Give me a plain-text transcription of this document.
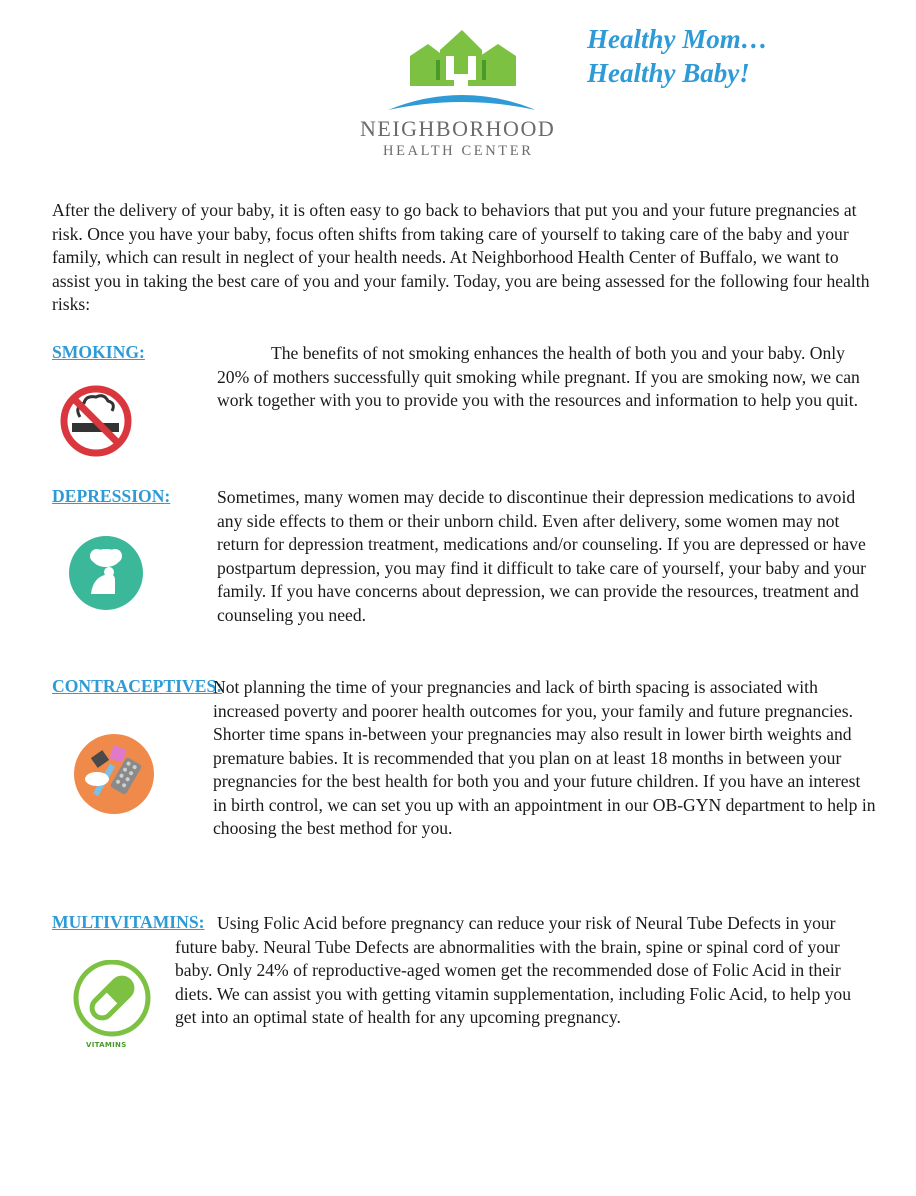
NEIGHBORHOOD
HEALTH CENTER
Healthy Mom…
Healthy Baby!
After the delivery of your baby, it is often easy to go back to behaviors that put you and your future pregnancies at risk. Once you have your baby, focus often shifts from taking care of yourself to taking care of the baby and your family, which can result in neglect of your health needs. At Neighborhood Health Center of Buffalo, we want to assist you in taking the best care of you and your family. Today, you are being assessed for the following four health risks:
SMOKING:	The benefits of not smoking enhances the health of both you and your baby. Only 20% of mothers successfully quit smoking while pregnant. If you are smoking now, we can work together with you to provide you with the resources and information to help you quit.
DEPRESSION:	Sometimes, many women may decide to discontinue their depression medications to avoid any side effects to them or their unborn child. Even after delivery, some women may not return for depression treatment, medications and/or counseling. If you are depressed or have postpartum depression, you may find it difficult to take care of yourself, your baby and your family. If you have concerns about depression, we can provide the resources, treatment and counseling you need.
CONTRACEPTIVES:
Not planning the time of your pregnancies and lack of birth spacing is associated with increased poverty and poorer health outcomes for you, your family and future pregnancies. Shorter time spans in-between your pregnancies may also result in lower birth weights and premature babies. It is recommended that you plan on at least 18 months in between your pregnancies for the best health for both you and your future children. If you have an interest in birth control, we can set you up with an appointment in our OB-GYN department to help in choosing the best method for you.
MULTIVITAMINS:
VITAMINS
Using Folic Acid before pregnancy can reduce your risk of Neural Tube Defects in your future baby. Neural Tube Defects are abnormalities with the brain, spine or spinal cord of your baby. Only 24% of reproductive-aged women get the recommended dose of Folic Acid in their diets. We can assist you with getting vitamin supplementation, including Folic Acid, to help you get into an optimal state of health for any upcoming pregnancy.
